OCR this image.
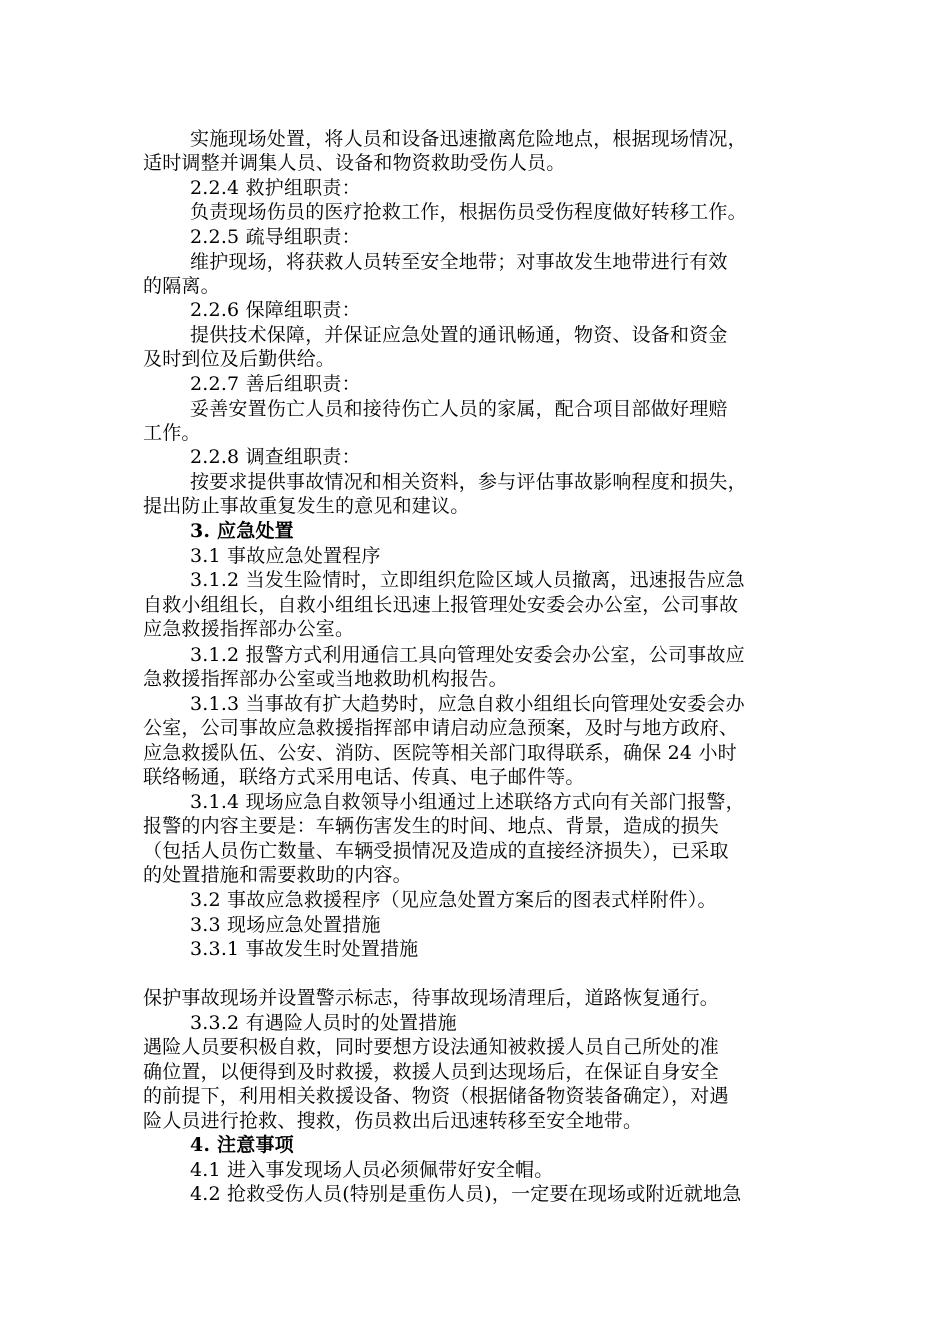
实施现场处置，将人员和设备迅速撤离危险地点，根据现场情况，
适时调整并调集人员、设备和物资救助受伤人员。
2.2.4 救护组职责：
负责现场伤员的医疗抢救工作，根据伤员受伤程度做好转移工作。
2.2.5 疏导组职责：
维护现场，将获救人员转至安全地带；对事故发生地带进行有效
的隔离。
2.2.6 保障组职责：
提供技术保障，并保证应急处置的通讯畅通，物资、设备和资金
及时到位及后勤供给。
2.2.7 善后组职责：
妥善安置伤亡人员和接待伤亡人员的家属，配合项目部做好理赔
工作。
2.2.8 调查组职责：
按要求提供事故情况和相关资料，参与评估事故影响程度和损失，
提出防止事故重复发生的意见和建议。
3. 应急处置
3.1 事故应急处置程序
3.1.2 当发生险情时，立即组织危险区域人员撤离，迅速报告应急
自救小组组长，自救小组组长迅速上报管理处安委会办公室，公司事故
应急救援指挥部办公室。
3.1.2 报警方式利用通信工具向管理处安委会办公室，公司事故应
急救援指挥部办公室或当地救助机构报告。
3.1.3 当事故有扩大趋势时，应急自救小组组长向管理处安委会办
公室，公司事故应急救援指挥部申请启动应急预案，及时与地方政府、
应急救援队伍、公安、消防、医院等相关部门取得联系，确保 24 小时
联络畅通，联络方式采用电话、传真、电子邮件等。
3.1.4 现场应急自救领导小组通过上述联络方式向有关部门报警，
报警的内容主要是：车辆伤害发生的时间、地点、背景，造成的损失
（包括人员伤亡数量、车辆受损情况及造成的直接经济损失），已采取
的处置措施和需要救助的内容。
3.2 事故应急救援程序（见应急处置方案后的图表式样附件）。
3.3 现场应急处置措施
3.3.1 事故发生时处置措施
保护事故现场并设置警示标志，待事故现场清理后，道路恢复通行。
3.3.2 有遇险人员时的处置措施
遇险人员要积极自救，同时要想方设法通知被救援人员自己所处的准
确位置，以便得到及时救援，救援人员到达现场后，在保证自身安全
的前提下，利用相关救援设备、物资（根据储备物资装备确定），对遇
险人员进行抢救、搜救，伤员救出后迅速转移至安全地带。
4. 注意事项
4.1 进入事发现场人员必须佩带好安全帽。
4.2 抢救受伤人员(特别是重伤人员)，一定要在现场或附近就地急
